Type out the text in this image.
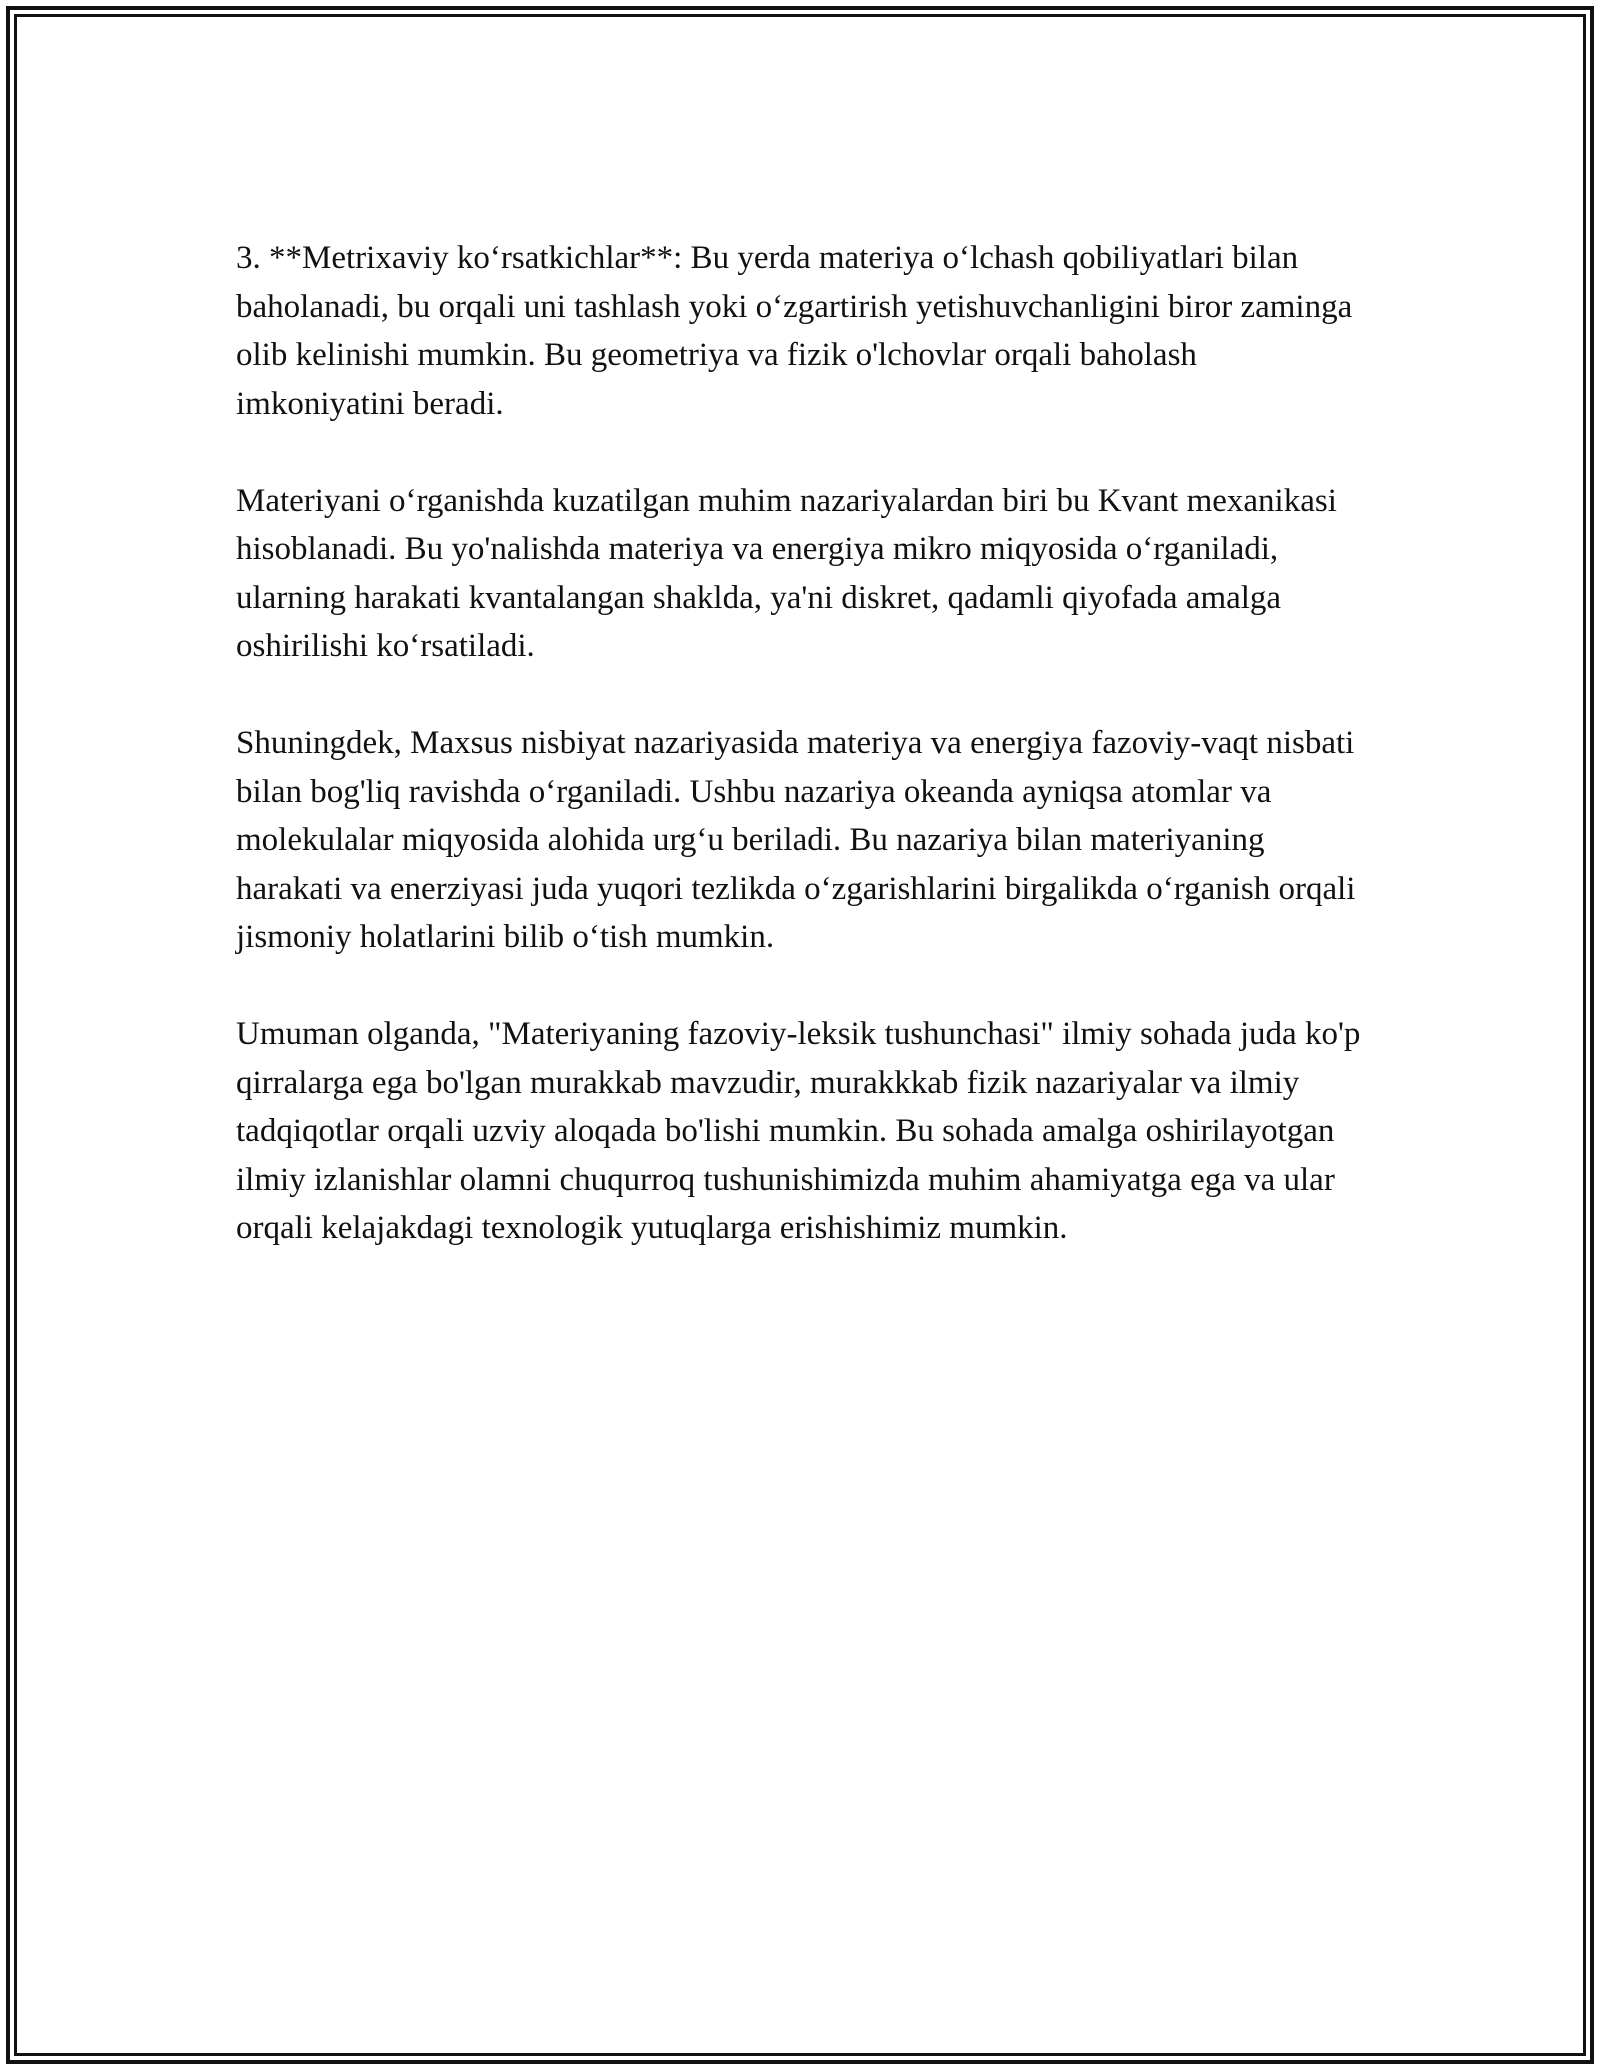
3. **Metrixaviy ko‘rsatkichlar**: Bu yerda materiya o‘lchash qobiliyatlari bilan baholanadi, bu orqali uni tashlash yoki o‘zgartirish yetishuvchanligini biror zaminga olib kelinishi mumkin. Bu geometriya va fizik o'lchovlar orqali baholash imkoniyatini beradi.

Materiyani o‘rganishda kuzatilgan muhim nazariyalardan biri bu Kvant mexanikasi hisoblanadi. Bu yo'nalishda materiya va energiya mikro miqyosida o‘rganiladi, ularning harakati kvantalangan shakldа, ya'ni diskret, qadamli qiyofada amalga oshirilishi ko‘rsatiladi.

Shuningdek, Maxsus nisbiyat nazariyasida materiya va energiya fazoviy-vaqt nisbati bilan bog'liq ravishda o‘rganiladi. Ushbu nazariya okeanda ayniqsa atomlar va molekulalar miqyosida alohida urg‘u beriladi. Bu nazariya bilan materiyaning harakati va enerziyasi juda yuqori tezlikda o‘zgarishlarini birgalikda o‘rganish orqali jismoniy holatlarini bilib o‘tish mumkin.

Umuman olganda, "Materiyaning fazoviy-leksik tushunchasi" ilmiy sohada juda ko'p qirralarga ega bo'lgan murakkab mavzudir, murakkkab fizik nazariyalar va ilmiy tadqiqotlar orqali uzviy aloqada bo'lishi mumkin. Bu sohada amalga oshirilayotgan ilmiy izlanishlar olamni chuqurroq tushunishimizda muhim ahamiyatga ega va ular orqali kelajakdagi texnologik yutuqlarga erishishimiz mumkin.
